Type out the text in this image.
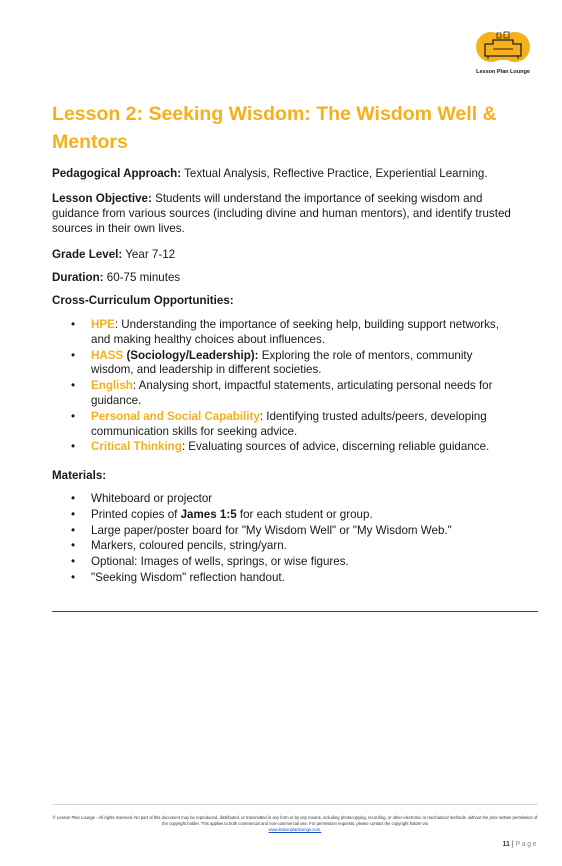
Lesson Plan Lounge
Lesson 2: Seeking Wisdom: The Wisdom Well & Mentors

Pedagogical Approach: Textual Analysis, Reflective Practice, Experiential Learning.

Lesson Objective: Students will understand the importance of seeking wisdom and guidance from various sources (including divine and human mentors), and identify trusted sources in their own lives.

Grade Level: Year 7-12

Duration: 60-75 minutes

Cross-Curriculum Opportunities:

• HPE: Understanding the importance of seeking help, building support networks, and making healthy choices about influences.
• HASS (Sociology/Leadership): Exploring the role of mentors, community wisdom, and leadership in different societies.
• English: Analysing short, impactful statements, articulating personal needs for guidance.
• Personal and Social Capability: Identifying trusted adults/peers, developing communication skills for seeking advice.
• Critical Thinking: Evaluating sources of advice, discerning reliable guidance.

Materials:

• Whiteboard or projector
• Printed copies of James 1:5 for each student or group.
• Large paper/poster board for "My Wisdom Well" or "My Wisdom Web."
• Markers, coloured pencils, string/yarn.
• Optional: Images of wells, springs, or wise figures.
• "Seeking Wisdom" reflection handout.

© Lesson Plan Lounge - All rights reserved. No part of this document may be reproduced, distributed, or transmitted in any form or by any means, including photocopying, recording, or other electronic or mechanical methods, without the prior written permission of the copyright holder. This applies to both commercial and non-commercial use. For permission requests, please contact the copyright holder via
www.lessonplanlounge.com.

11 | Page
